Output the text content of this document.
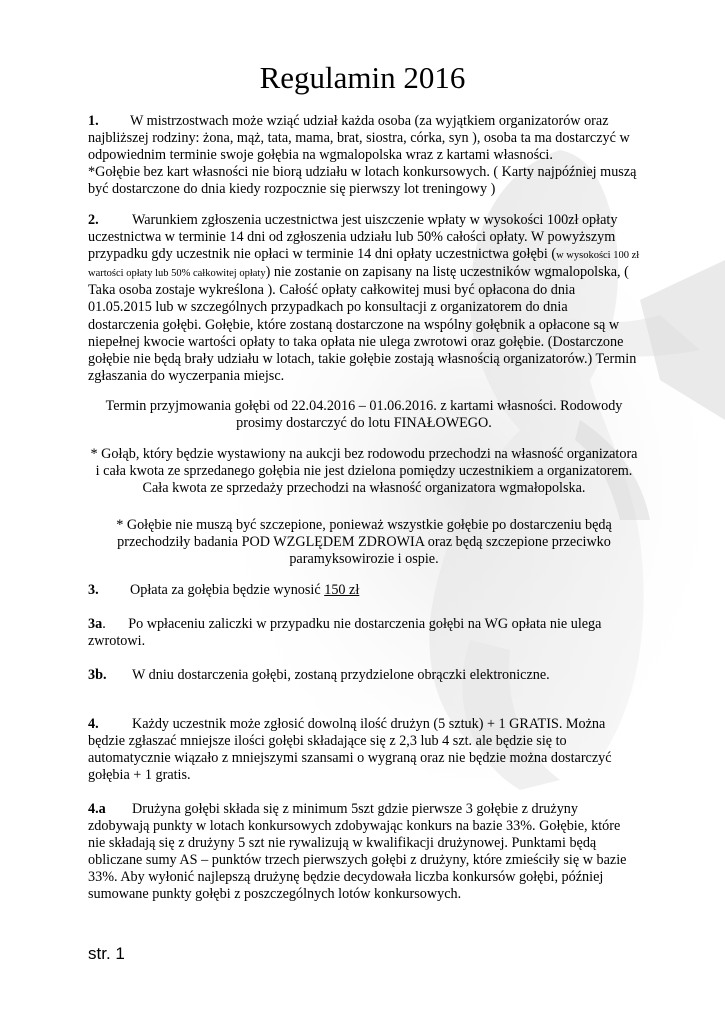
Regulamin 2016

1. W mistrzostwach może wziąć udział każda osoba (za wyjątkiem organizatorów oraz najbliższej rodziny: żona, mąż, tata, mama, brat, siostra, córka, syn ), osoba ta ma dostarczyć w odpowiednim terminie swoje gołębia na wgmalopolska wraz z kartami własności.
*Gołębie bez kart własności nie biorą udziału w lotach konkursowych. ( Karty najpóźniej muszą być dostarczone do dnia kiedy rozpocznie się pierwszy lot treningowy )

2. Warunkiem zgłoszenia uczestnictwa jest uiszczenie wpłaty w wysokości 100zł opłaty uczestnictwa w terminie 14 dni od zgłoszenia udziału lub 50% całości opłaty. W powyższym przypadku gdy uczestnik nie opłaci w terminie 14 dni opłaty uczestnictwa gołębi (w wysokości 100 zł wartości opłaty lub 50% całkowitej opłaty) nie zostanie on zapisany na listę uczestników wgmalopolska, ( Taka osoba zostaje wykreślona ). Całość opłaty całkowitej musi być opłacona do dnia 01.05.2015 lub w szczególnych przypadkach po konsultacji z organizatorem do dnia dostarczenia gołębi. Gołębie, które zostaną dostarczone na wspólny gołębnik a opłacone są w niepełnej kwocie wartości opłaty to taka opłata nie ulega zwrotowi oraz gołębie. (Dostarczone gołębie nie będą brały udziału w lotach, takie gołębie zostają własnością organizatorów.) Termin zgłaszania do wyczerpania miejsc.

Termin przyjmowania gołębi od 22.04.2016 – 01.06.2016. z kartami własności. Rodowody prosimy dostarczyć do lotu FINAŁOWEGO.

* Gołąb, który będzie wystawiony na aukcji bez rodowodu przechodzi na własność organizatora i cała kwota ze sprzedanego gołębia nie jest dzielona pomiędzy uczestnikiem a organizatorem. Cała kwota ze sprzedaży przechodzi na własność organizatora wgmałopolska.

* Gołębie nie muszą być szczepione, ponieważ wszystkie gołębie po dostarczeniu będą przechodziły badania POD WZGLĘDEM ZDROWIA oraz będą szczepione przeciwko paramyksowirozie i ospie.

3. Opłata za gołębia będzie wynosić 150 zł

3a. Po wpłaceniu zaliczki w przypadku nie dostarczenia gołębi na WG opłata nie ulega zwrotowi.

3b. W dniu dostarczenia gołębi, zostaną przydzielone obrączki elektroniczne.

4. Każdy uczestnik może zgłosić dowolną ilość drużyn (5 sztuk) + 1 GRATIS. Można będzie zgłaszać mniejsze ilości gołębi składające się z 2,3 lub 4 szt. ale będzie się to automatycznie wiązało z mniejszymi szansami o wygraną oraz nie będzie można dostarczyć gołębia + 1 gratis.

4.a Drużyna gołębi składa się z minimum 5szt gdzie pierwsze 3 gołębie z drużyny zdobywają punkty w lotach konkursowych zdobywając konkurs na bazie 33%. Gołębie, które nie składają się z drużyny 5 szt nie rywalizują w kwalifikacji drużynowej. Punktami będą obliczane sumy AS – punktów trzech pierwszych gołębi z drużyny, które zmieściły się w bazie 33%. Aby wyłonić najlepszą drużynę będzie decydowała liczba konkursów gołębi, później sumowane punkty gołębi z poszczególnych lotów konkursowych.

str. 1
